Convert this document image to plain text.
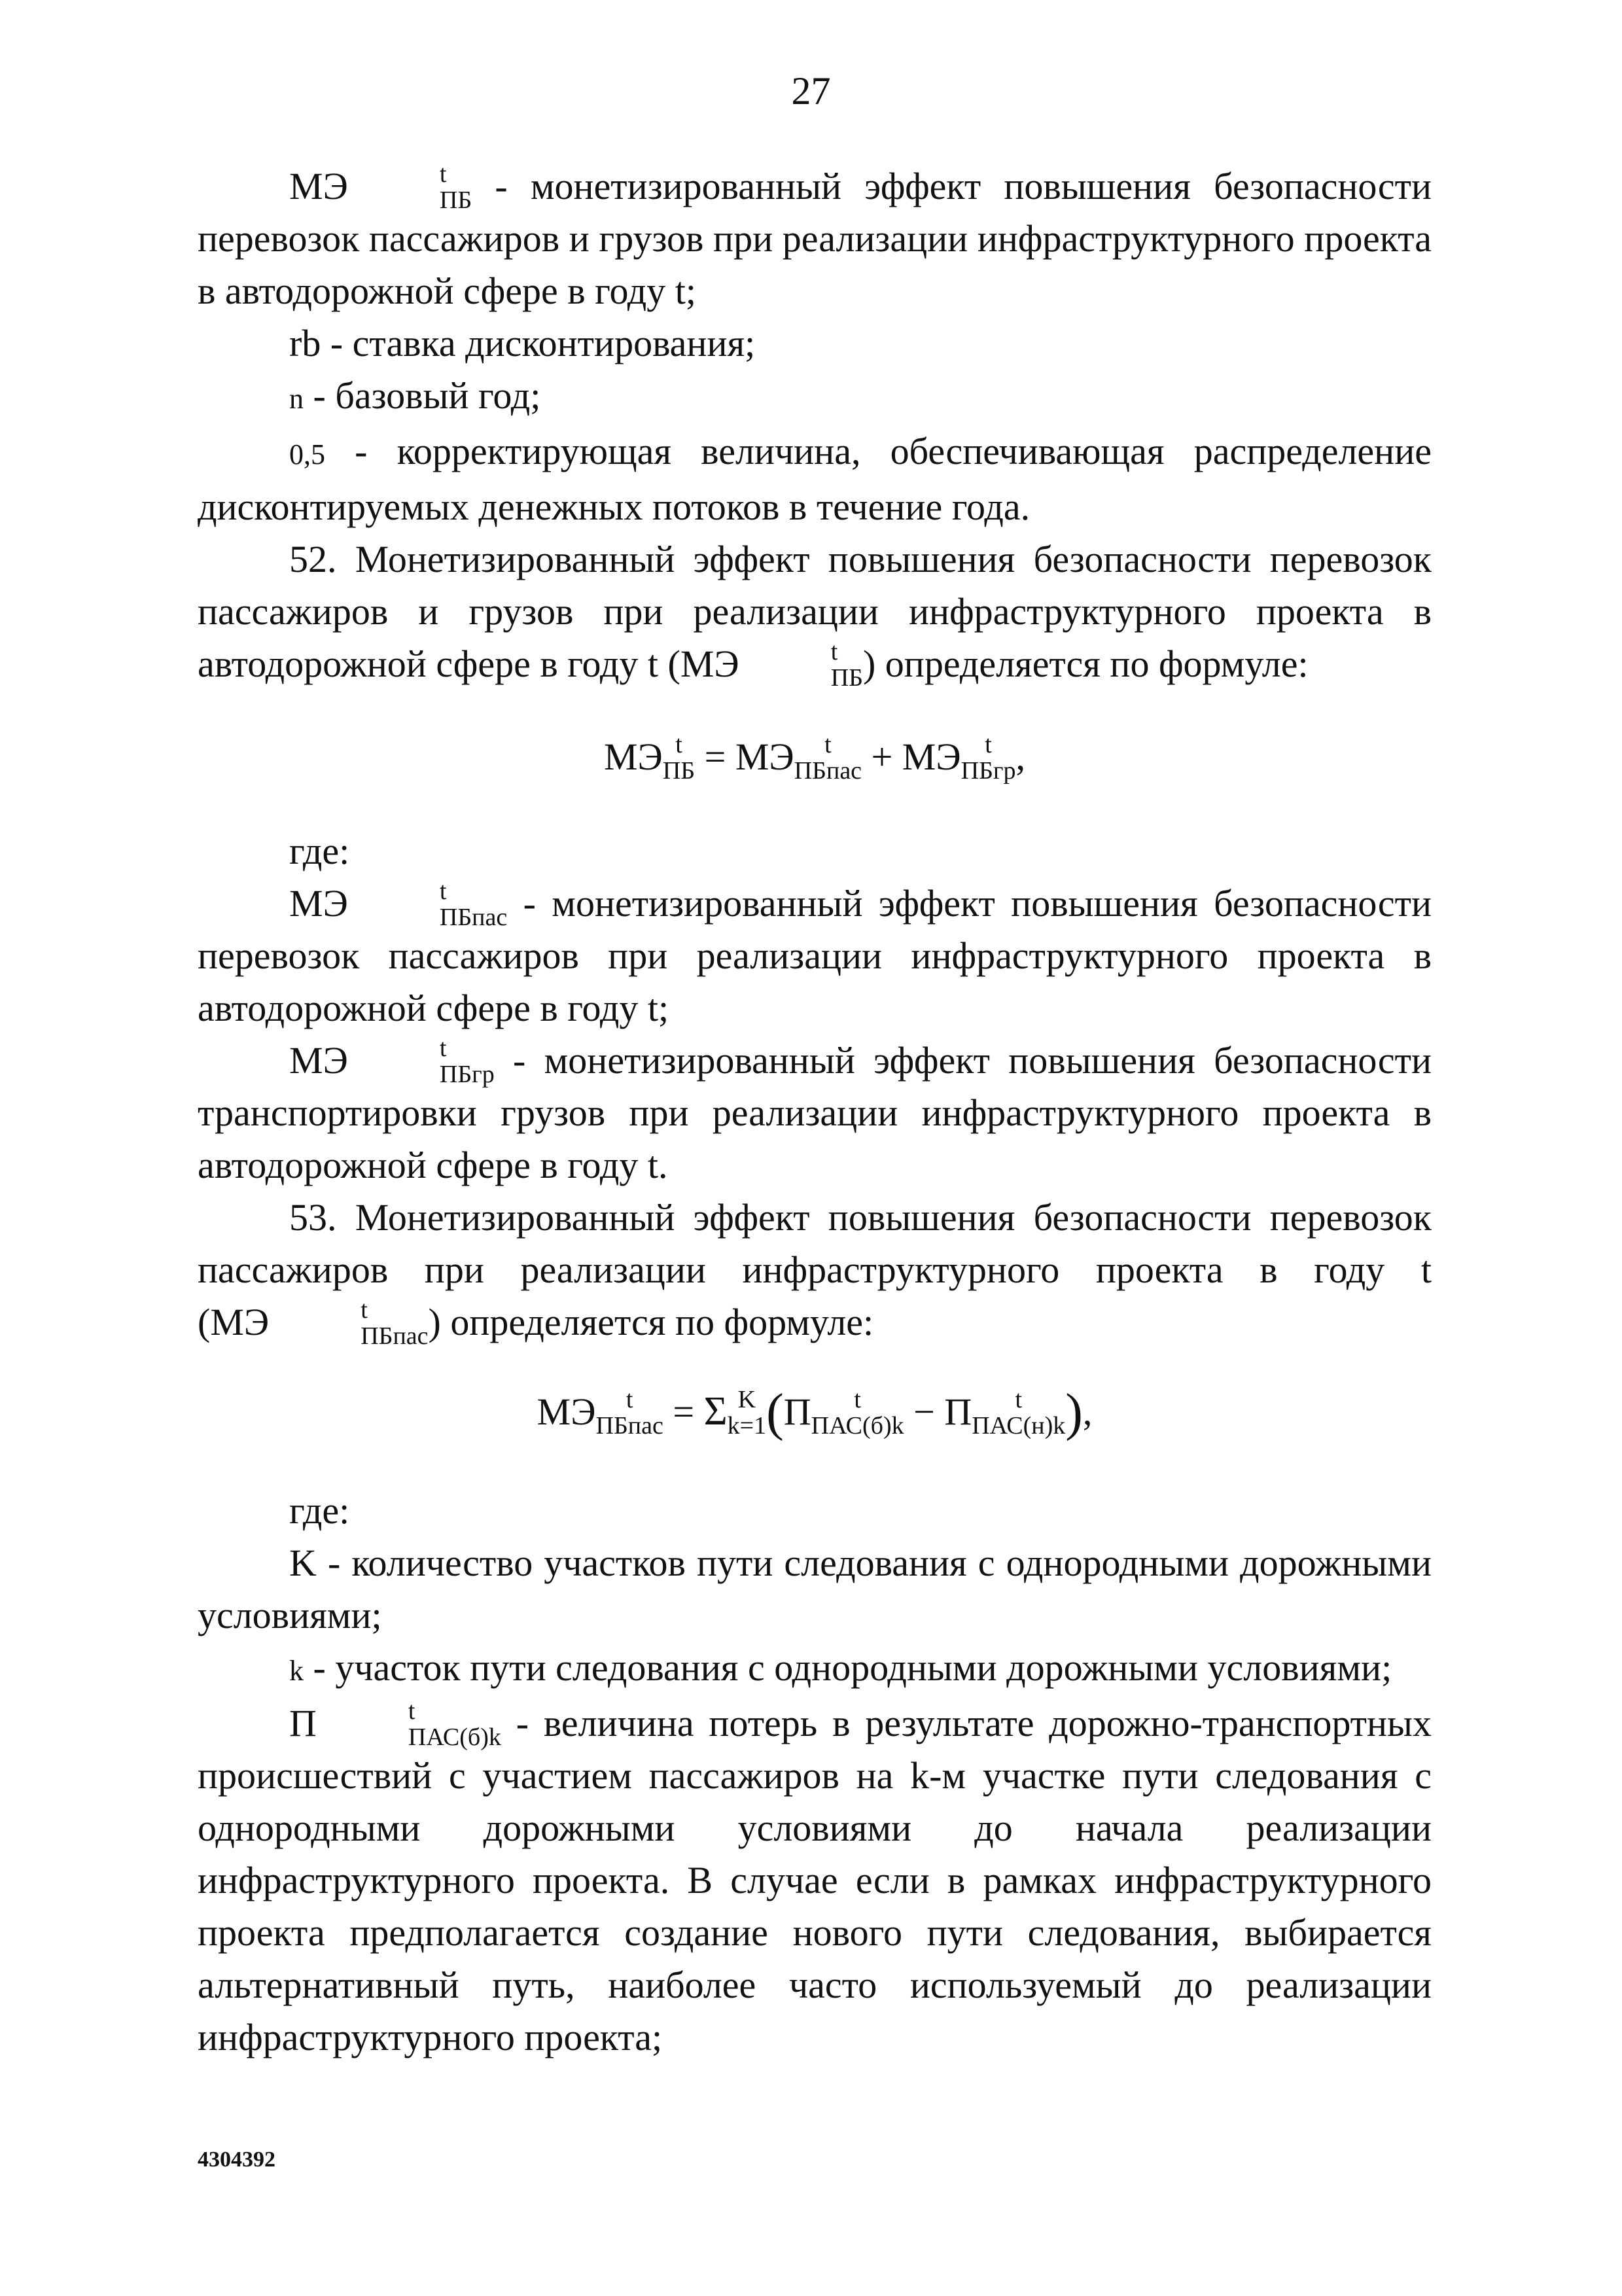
27

МЭ	t
ПБ - монетизированный эффект повышения безопасности перевозок пассажиров и грузов при реализации инфраструктурного проекта в автодорожной сфере в году t;

rb - ставка дисконтирования;

n - базовый год;

0,5 - корректирующая величина, обеспечивающая распределение дисконтируемых денежных потоков в течение года.

52. Монетизированный эффект повышения безопасности перевозок пассажиров и грузов при реализации инфраструктурного проекта в автодорожной сфере в году t (МЭ	t
ПБ ) определяется по формуле:

МЭ t
ПБ = МЭ	t
ПБпас + МЭ t
ПБгр ,

где:

МЭ	t
ПБпас - монетизированный эффект повышения безопасности перевозок пассажиров при реализации инфраструктурного проекта в автодорожной сфере в году t;

МЭ	t
ПБгр - монетизированный эффект повышения безопасности транспортировки грузов при реализации инфраструктурного проекта в автодорожной сфере в году t.

53. Монетизированный эффект повышения безопасности перевозок пассажиров при реализации инфраструктурного проекта в году t (МЭ	t
ПБпас ) определяется по формуле:

МЭ	t
ПБпас = Σ K
k=1 (П	t
ПАС(б)k − П	t
ПАС(н)k ),

где:

K - количество участков пути следования с однородными дорожными условиями;

k - участок пути следования с однородными дорожными условиями;

П	t
ПАС(б)k - величина потерь в результате дорожно-транспортных происшествий с участием пассажиров на k-м участке пути следования с однородными дорожными условиями до начала реализации инфраструктурного проекта. В случае если в рамках инфраструктурного проекта предполагается создание нового пути следования, выбирается альтернативный путь, наиболее часто используемый до реализации инфраструктурного проекта;

4304392
